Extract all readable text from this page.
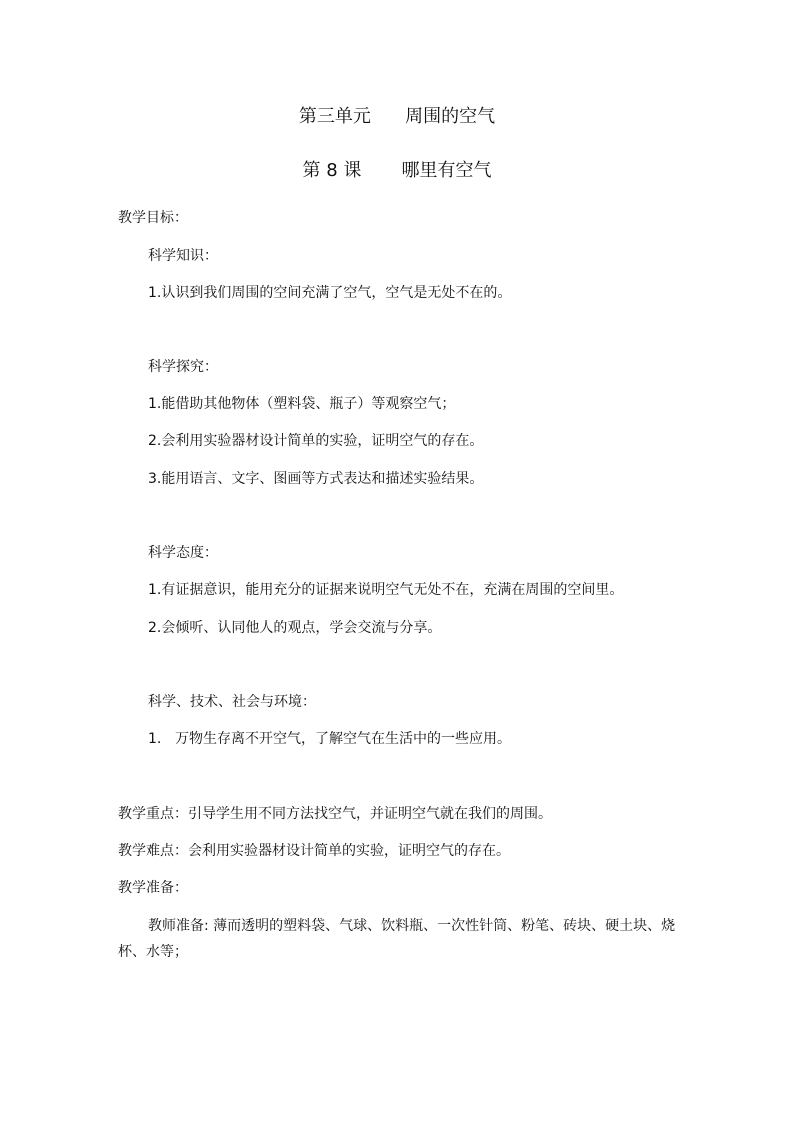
第三单元      周围的空气
第 8 课       哪里有空气
教学目标：
科学知识：
1.认识到我们周围的空间充满了空气，空气是无处不在的。
科学探究：
1.能借助其他物体（塑料袋、瓶子）等观察空气；
2.会利用实验器材设计简单的实验，证明空气的存在。
3.能用语言、文字、图画等方式表达和描述实验结果。
科学态度：
1.有证据意识，能用充分的证据来说明空气无处不在，充满在周围的空间里。
2.会倾听、认同他人的观点，学会交流与分享。
科学、技术、社会与环境：
1. 万物生存离不开空气，了解空气在生活中的一些应用。
教学重点：引导学生用不同方法找空气，并证明空气就在我们的周围。
教学难点：会利用实验器材设计简单的实验，证明空气的存在。
教学准备：
教师准备: 薄而透明的塑料袋、气球、饮料瓶、一次性针筒、粉笔、砖块、硬土块、烧杯、水等；
